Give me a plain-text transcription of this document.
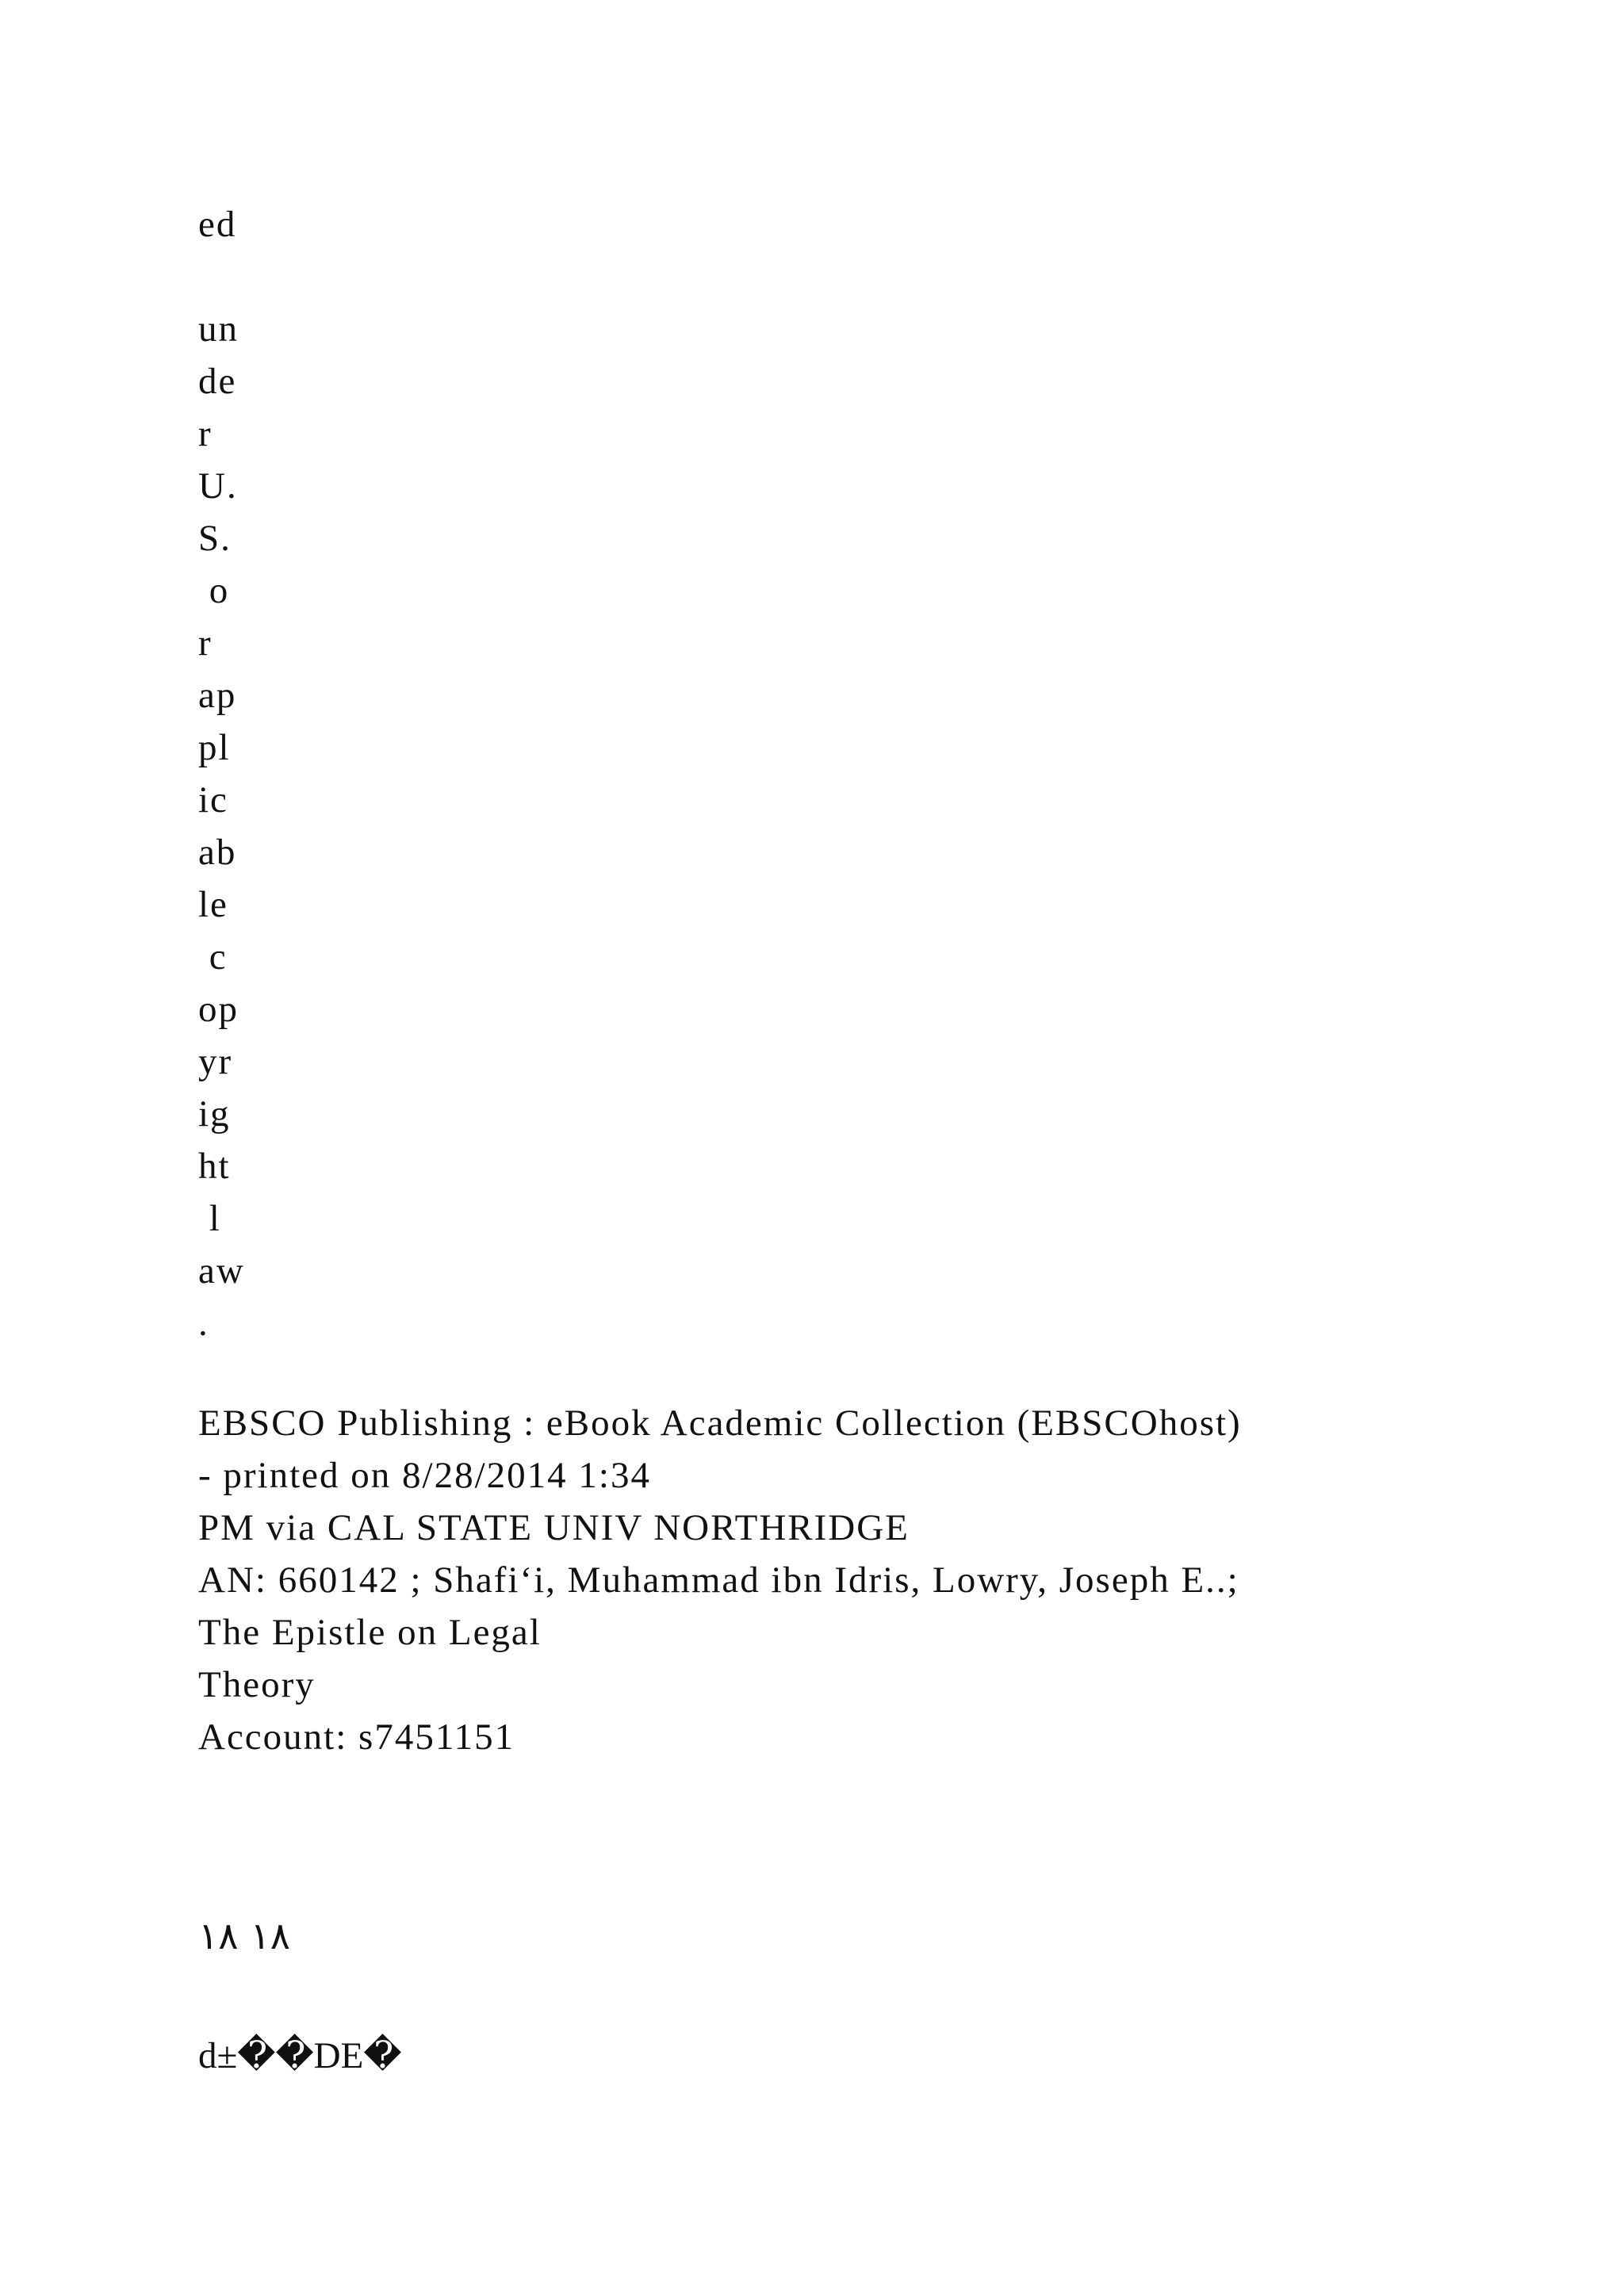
ed
un
de
r
U.
S.
o
r
ap
pl
ic
ab
le
c
op
yr
ig
ht
l
aw
.
EBSCO Publishing : eBook Academic Collection (EBSCOhost)
- printed on 8/28/2014 1:34
PM via CAL STATE UNIV NORTHRIDGE
AN: 660142 ; Shafi‘i, Muhammad ibn Idris, Lowry, Joseph E..;
The Epistle on Legal
Theory
Account: s7451151
١٨ ١٨
d±��DE�
